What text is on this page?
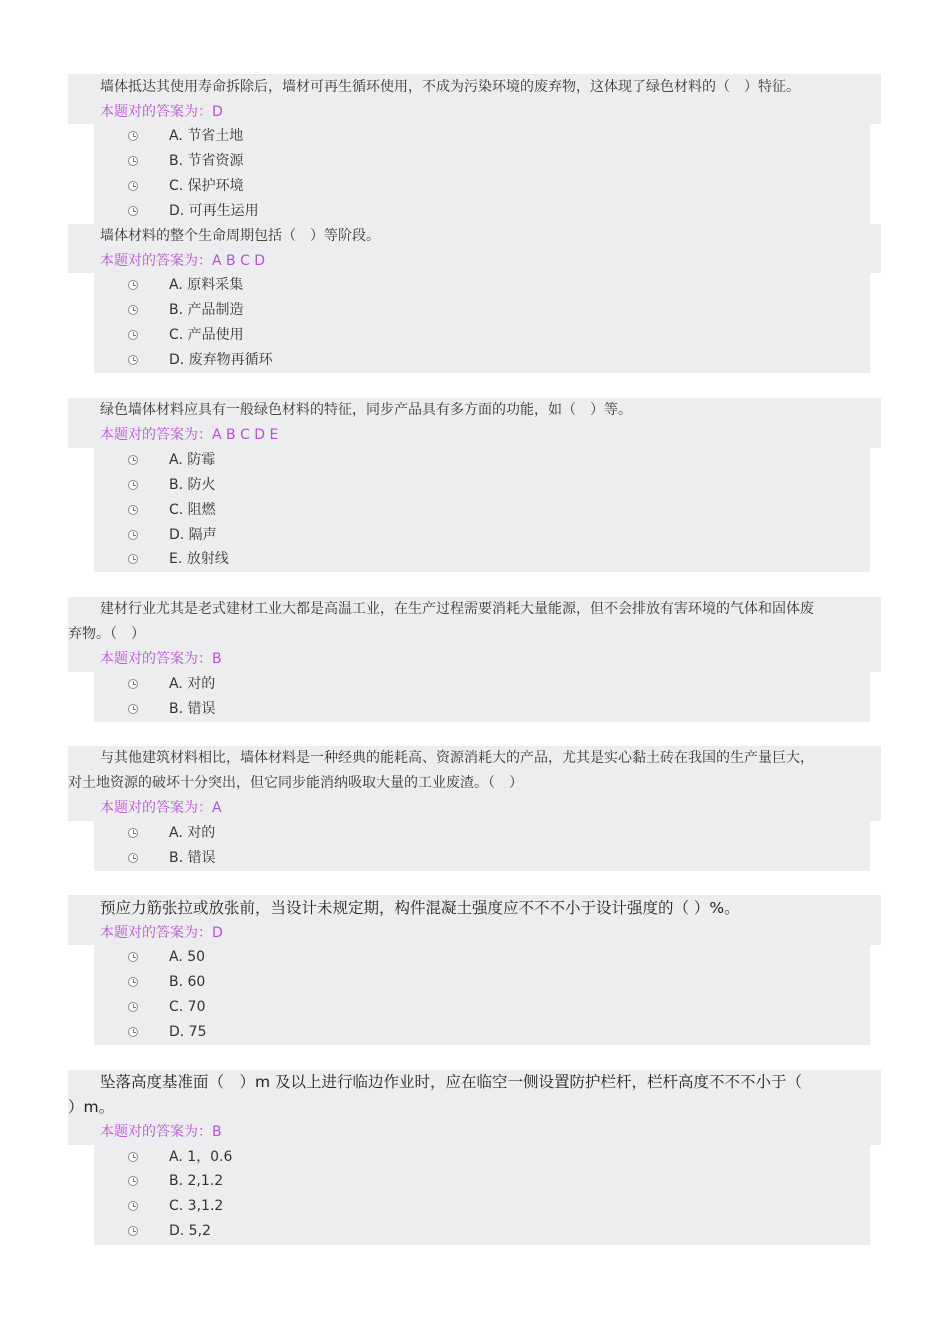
墙体抵达其使用寿命拆除后，墙材可再生循环使用，不成为污染环境的废弃物，这体现了绿色材料的（　）特征。
本题对的答案为：D
A. 节省土地
B. 节省资源
C. 保护环境
D. 可再生运用
墙体材料的整个生命周期包括（　）等阶段。
本题对的答案为：A B C D
A. 原料采集
B. 产品制造
C. 产品使用
D. 废弃物再循环
绿色墙体材料应具有一般绿色材料的特征，同步产品具有多方面的功能，如（　）等。
本题对的答案为：A B C D E
A. 防霉
B. 防火
C. 阻燃
D. 隔声
E. 放射线
建材行业尤其是老式建材工业大都是高温工业，在生产过程需要消耗大量能源，但不会排放有害环境的气体和固体废
弃物。（　）
本题对的答案为：B
A. 对的
B. 错误
与其他建筑材料相比，墙体材料是一种经典的能耗高、资源消耗大的产品，尤其是实心黏土砖在我国的生产量巨大，
对土地资源的破坏十分突出，但它同步能消纳吸取大量的工业废渣。（　）
本题对的答案为：A
A. 对的
B. 错误
预应力筋张拉或放张前，当设计未规定期，构件混凝土强度应不不不小于设计强度的（ ）%。
本题对的答案为：D
A. 50
B. 60
C. 70
D. 75
坠落高度基准面（　）m 及以上进行临边作业时，应在临空一侧设置防护栏杆，栏杆高度不不不小于（
）m。
本题对的答案为：B
A. 1，0.6
B. 2,1.2
C. 3,1.2
D. 5,2
